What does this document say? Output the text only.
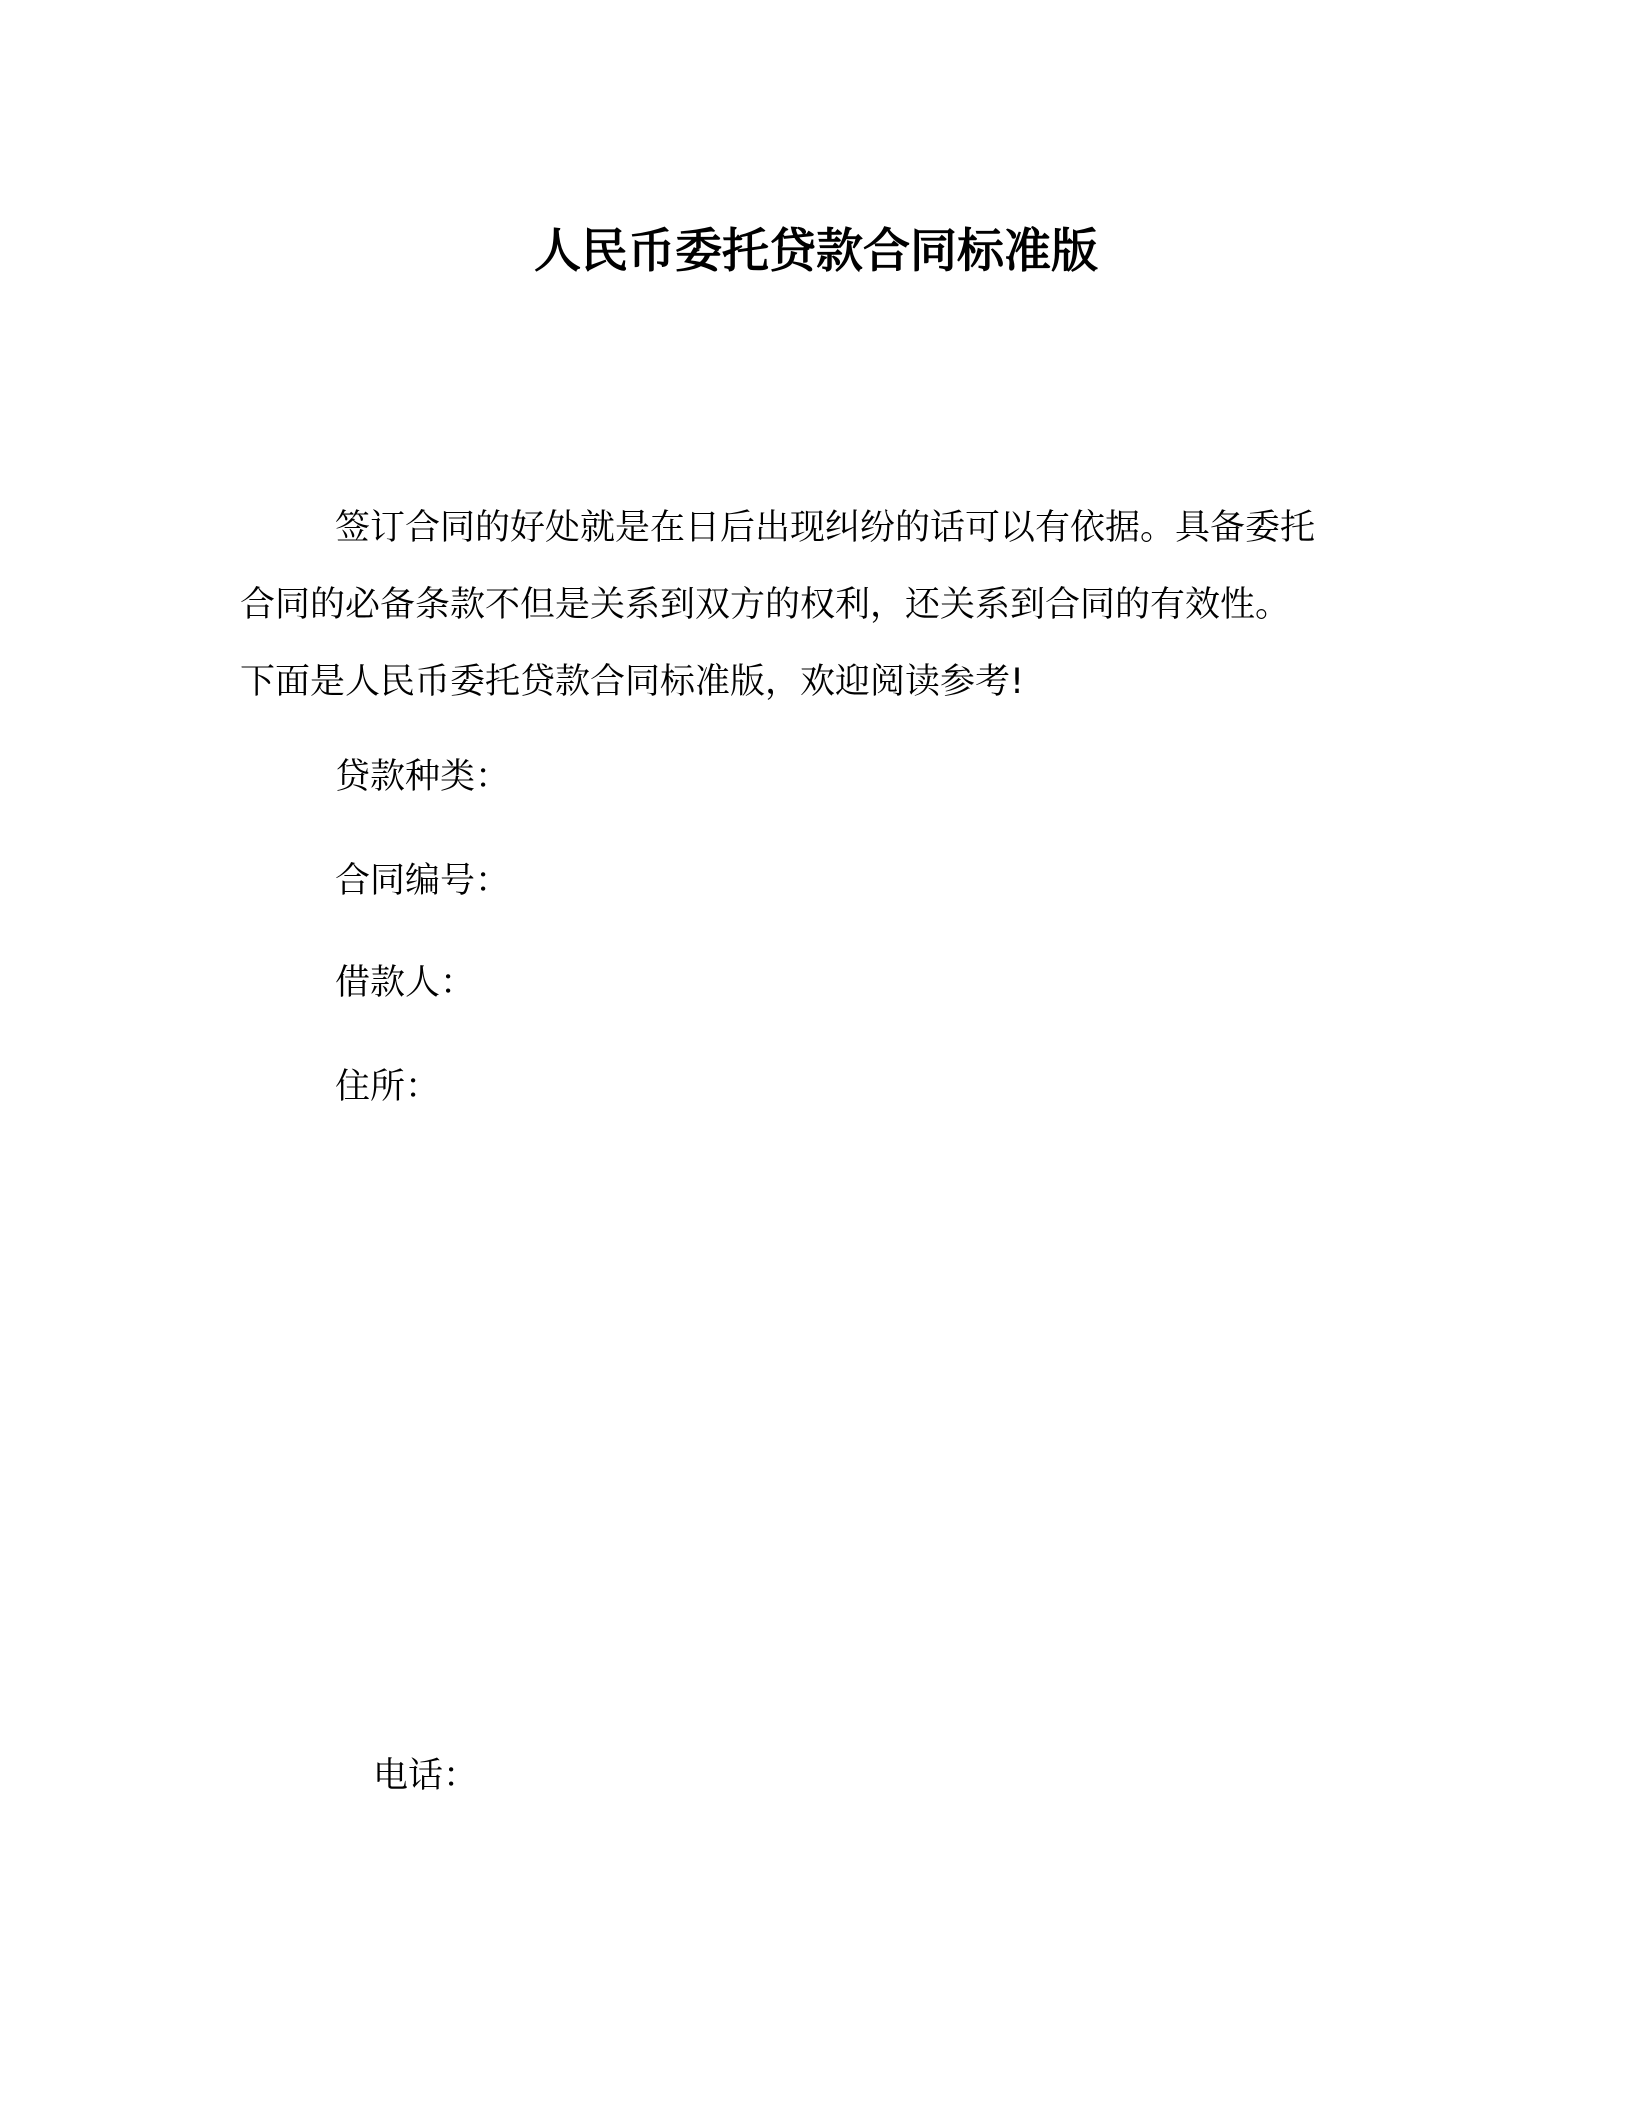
人民币委托贷款合同标准版

签订合同的好处就是在日后出现纠纷的话可以有依据。具备委托
合同的必备条款不但是关系到双方的权利，还关系到合同的有效性。
下面是人民币委托贷款合同标准版，欢迎阅读参考!

贷款种类：
合同编号：
借款人：
住所：
电话：
